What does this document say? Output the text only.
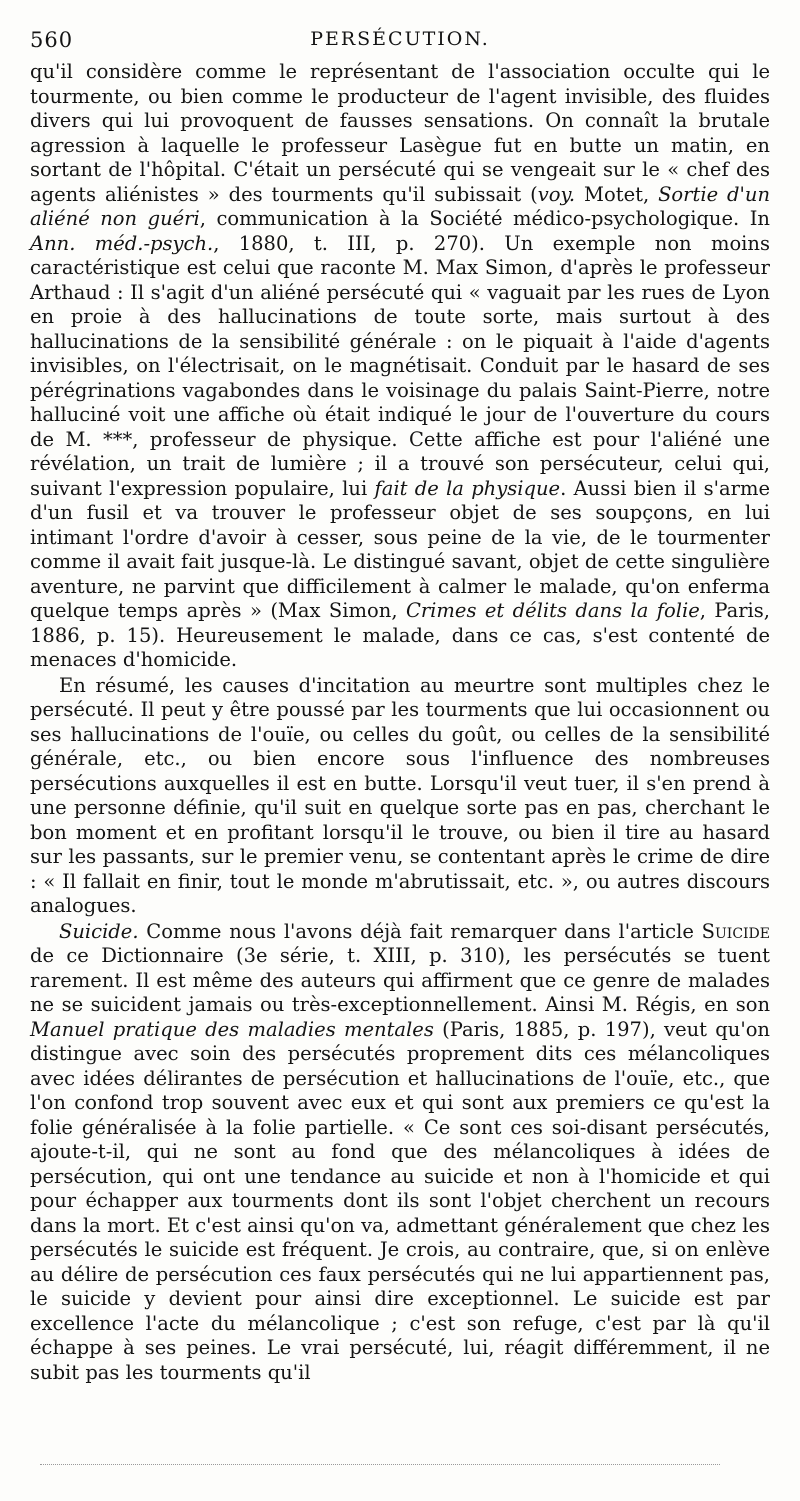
560	PERSÉCUTION.

qu'il considère comme le représentant de l'association occulte qui le tourmente, ou bien comme le producteur de l'agent invisible, des fluides divers qui lui provoquent de fausses sensations. On connaît la brutale agression à laquelle le professeur Lasègue fut en butte un matin, en sortant de l'hôpital. C'était un persécuté qui se vengeait sur le « chef des agents aliénistes » des tourments qu'il subissait (voy. Motet, Sortie d'un aliéné non guéri, communication à la Société médico-psychologique. In Ann. méd.-psych., 1880, t. III, p. 270). Un exemple non moins caractéristique est celui que raconte M. Max Simon, d'après le professeur Arthaud : Il s'agit d'un aliéné persécuté qui « vaguait par les rues de Lyon en proie à des hallucinations de toute sorte, mais surtout à des hallucinations de la sensibilité générale : on le piquait à l'aide d'agents invisibles, on l'électrisait, on le magnétisait. Conduit par le hasard de ses pérégrinations vagabondes dans le voisinage du palais Saint-Pierre, notre halluciné voit une affiche où était indiqué le jour de l'ouverture du cours de M. ***, professeur de physique. Cette affiche est pour l'aliéné une révélation, un trait de lumière ; il a trouvé son persécuteur, celui qui, suivant l'expression populaire, lui fait de la physique. Aussi bien il s'arme d'un fusil et va trouver le professeur objet de ses soupçons, en lui intimant l'ordre d'avoir à cesser, sous peine de la vie, de le tourmenter comme il avait fait jusque-là. Le distingué savant, objet de cette singulière aventure, ne parvint que difficilement à calmer le malade, qu'on enferma quelque temps après » (Max Simon, Crimes et délits dans la folie, Paris, 1886, p. 15). Heureusement le malade, dans ce cas, s'est contenté de menaces d'homicide.

En résumé, les causes d'incitation au meurtre sont multiples chez le persécuté. Il peut y être poussé par les tourments que lui occasionnent ou ses hallucinations de l'ouïe, ou celles du goût, ou celles de la sensibilité générale, etc., ou bien encore sous l'influence des nombreuses persécutions auxquelles il est en butte. Lorsqu'il veut tuer, il s'en prend à une personne définie, qu'il suit en quelque sorte pas en pas, cherchant le bon moment et en profitant lorsqu'il le trouve, ou bien il tire au hasard sur les passants, sur le premier venu, se contentant après le crime de dire : « Il fallait en finir, tout le monde m'abrutissait, etc. », ou autres discours analogues.

Suicide. Comme nous l'avons déjà fait remarquer dans l'article Suicide de ce Dictionnaire (3e série, t. XIII, p. 310), les persécutés se tuent rarement. Il est même des auteurs qui affirment que ce genre de malades ne se suicident jamais ou très-exceptionnellement. Ainsi M. Régis, en son Manuel pratique des maladies mentales (Paris, 1885, p. 197), veut qu'on distingue avec soin des persécutés proprement dits ces mélancoliques avec idées délirantes de persécution et hallucinations de l'ouïe, etc., que l'on confond trop souvent avec eux et qui sont aux premiers ce qu'est la folie généralisée à la folie partielle. « Ce sont ces soi-disant persécutés, ajoute-t-il, qui ne sont au fond que des mélancoliques à idées de persécution, qui ont une tendance au suicide et non à l'homicide et qui pour échapper aux tourments dont ils sont l'objet cherchent un recours dans la mort. Et c'est ainsi qu'on va, admettant généralement que chez les persécutés le suicide est fréquent. Je crois, au contraire, que, si on enlève au délire de persécution ces faux persécutés qui ne lui appartiennent pas, le suicide y devient pour ainsi dire exceptionnel. Le suicide est par excellence l'acte du mélancolique ; c'est son refuge, c'est par là qu'il échappe à ses peines. Le vrai persécuté, lui, réagit différemment, il ne subit pas les tourments qu'il
